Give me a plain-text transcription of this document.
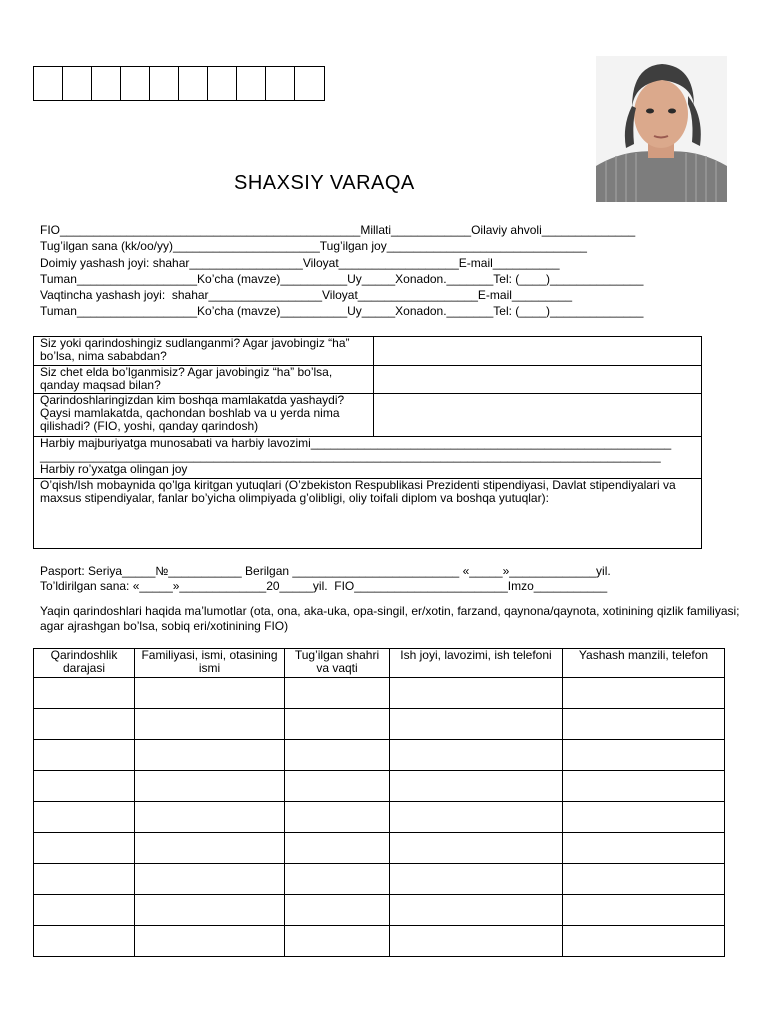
SHAXSIY VARAQA
FIO_____________________________________________Millati____________Oilaviy ahvoli______________
Tug’ilgan sana (kk/oo/yy)______________________Tug’ilgan joy______________________________
Doimiy yashash joyi: shahar_________________Viloyat__________________E-mail__________
Tuman__________________Ko’cha (mavze)__________Uy_____Xonadon._______Tel: (____)______________
Vaqtincha yashash joyi:  shahar_________________Viloyat__________________E-mail_________
Tuman__________________Ko’cha (mavze)__________Uy_____Xonadon._______Tel: (____)______________
Siz yoki qarindoshingiz sudlanganmi? Agar javobingiz “ha” bo’lsa, nima sababdan?	
Siz chet elda bo’lganmisiz? Agar javobingiz “ha” bo’lsa, qanday maqsad bilan?	
Qarindoshlaringizdan kim boshqa mamlakatda yashaydi? Qaysi mamlakatda, qachondan boshlab va u yerda nima qilishadi? (FIO, yoshi, qanday qarindosh)	

Harbiy majburiyatga munosabati va harbiy lavozimi______________________________________________________
_____________________________________________________________________________________________
Harbiy ro’yxatga olingan joy	

O’qish/Ish mobaynida qo’lga kiritgan yutuqlari (O’zbekiston Respublikasi Prezidenti stipendiyasi, Davlat stipendiyalari va maxsus stipendiyalar, fanlar bo’yicha olimpiyada g’olibligi, oliy toifali diplom va boshqa yutuqlar):	
Pasport: Seriya_____№___________ Berilgan _________________________ «_____»_____________yil.
To’ldirilgan sana: «_____»_____________20_____yil.  FIO_______________________Imzo___________
Yaqin qarindoshlari haqida ma’lumotlar (ota, ona, aka-uka, opa-singil, er/xotin, farzand, qaynona/qaynota, xotinining qizlik familiyasi; agar ajrashgan bo’lsa, sobiq eri/xotinining FIO)
Qarindoshlik darajasi	Familiyasi, ismi, otasining ismi	Tug’ilgan shahri va vaqti	Ish joyi, lavozimi, ish telefoni	Yashash manzili, telefon
